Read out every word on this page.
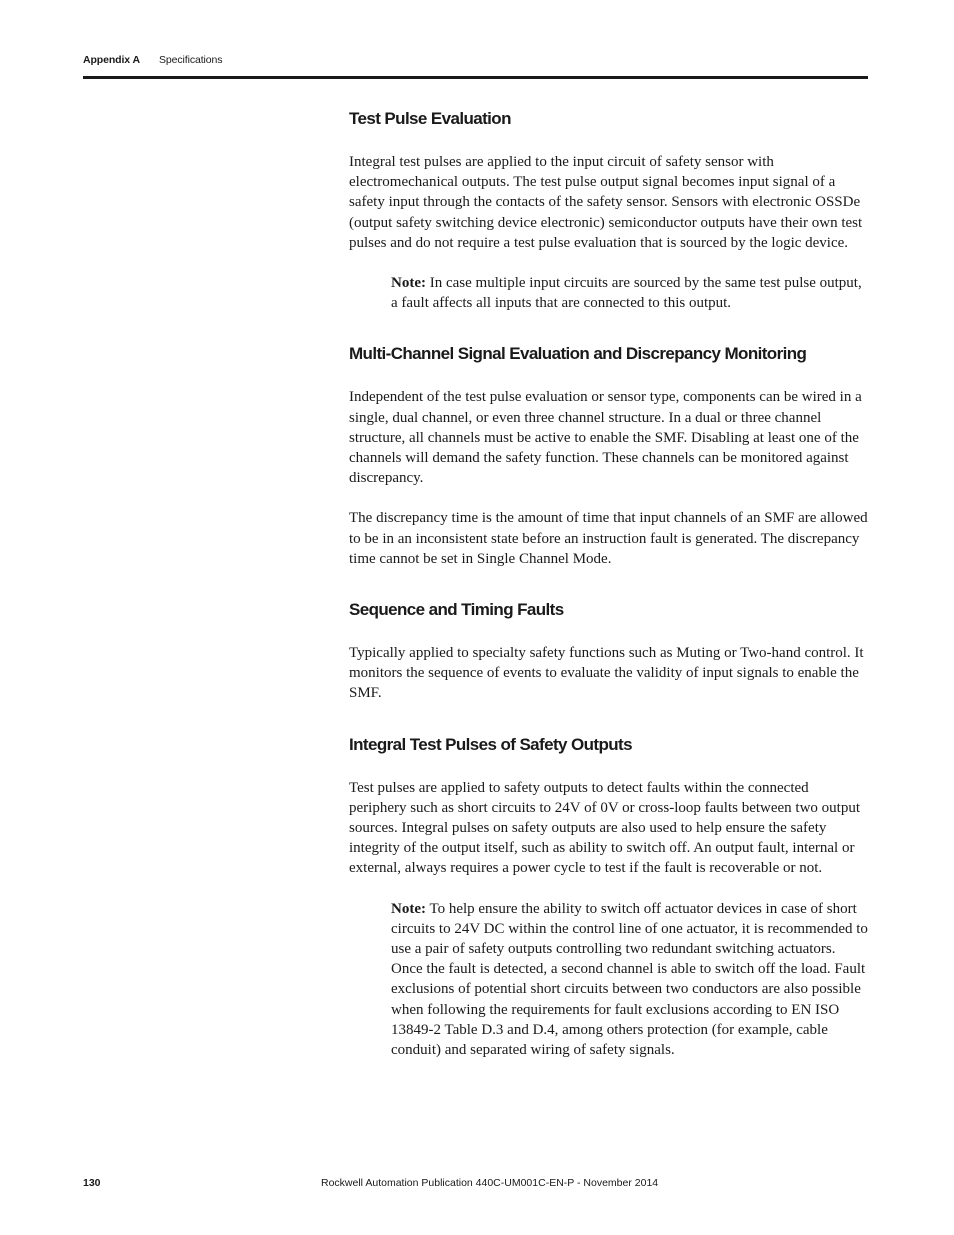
Appendix A Specifications
Test Pulse Evaluation

Integral test pulses are applied to the input circuit of safety sensor with electromechanical outputs. The test pulse output signal becomes input signal of a safety input through the contacts of the safety sensor. Sensors with electronic OSSDe (output safety switching device electronic) semiconductor outputs have their own test pulses and do not require a test pulse evaluation that is sourced by the logic device.

Note: In case multiple input circuits are sourced by the same test pulse output, a fault affects all inputs that are connected to this output.

Multi-Channel Signal Evaluation and Discrepancy Monitoring

Independent of the test pulse evaluation or sensor type, components can be wired in a single, dual channel, or even three channel structure. In a dual or three channel structure, all channels must be active to enable the SMF. Disabling at least one of the channels will demand the safety function. These channels can be monitored against discrepancy.

The discrepancy time is the amount of time that input channels of an SMF are allowed to be in an inconsistent state before an instruction fault is generated. The discrepancy time cannot be set in Single Channel Mode.

Sequence and Timing Faults

Typically applied to specialty safety functions such as Muting or Two-hand control. It monitors the sequence of events to evaluate the validity of input signals to enable the SMF.

Integral Test Pulses of Safety Outputs

Test pulses are applied to safety outputs to detect faults within the connected periphery such as short circuits to 24V of 0V or cross-loop faults between two output sources. Integral pulses on safety outputs are also used to help ensure the safety integrity of the output itself, such as ability to switch off. An output fault, internal or external, always requires a power cycle to test if the fault is recoverable or not.

Note: To help ensure the ability to switch off actuator devices in case of short circuits to 24V DC within the control line of one actuator, it is recommended to use a pair of safety outputs controlling two redundant switching actuators. Once the fault is detected, a second channel is able to switch off the load. Fault exclusions of potential short circuits between two conductors are also possible when following the requirements for fault exclusions according to EN ISO 13849-2 Table D.3 and D.4, among others protection (for example, cable conduit) and separated wiring of safety signals.

130	Rockwell Automation Publication 440C-UM001C-EN-P - November 2014
